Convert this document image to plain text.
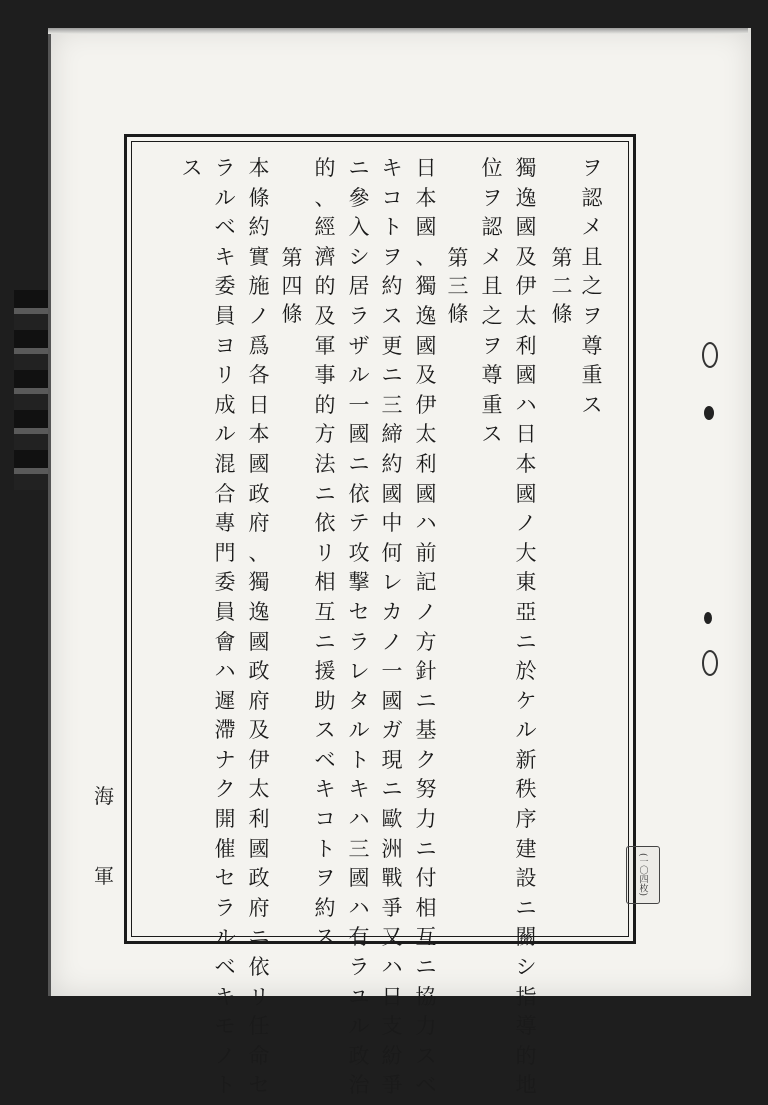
ヲ
認
メ
且
之
ヲ
尊
重
ス
獨
逸
國
及
伊
太
利
國
ハ
日
本
國
ノ
大
東
亞
ニ
於
ケ
ル
新
秩
序
建
設
ニ
關
シ
指
導
的
地
位
ヲ
認
メ
且
之
ヲ
尊
重
ス
日
本
國
、
獨
逸
國
及
伊
太
利
國
ハ
前
記
ノ
方
針
ニ
基
ク
努
力
ニ
付
相
互
ニ
協
力
ス
ベ
キ
コ
ト
ヲ
約
ス
更
ニ
三
締
約
國
中
何
レ
カ
ノ
一
國
ガ
現
ニ
歐
洲
戰
爭
又
ハ
日
支
紛
爭
ニ
參
入
シ
居
ラ
ザ
ル
一
國
ニ
依
テ
攻
撃
セ
ラ
レ
タ
ル
ト
キ
ハ
三
國
ハ
有
ラ
ユ
ル
政
治
的
、
經
濟
的
及
軍
事
的
方
法
ニ
依
リ
相
互
ニ
援
助
ス
ベ
キ
コ
ト
ヲ
約
ス
本
條
約
實
施
ノ
爲
各
日
本
國
政
府
、
獨
逸
國
政
府
及
伊
太
利
國
政
府
ニ
依
リ
任
命
セ
ラ
ル
ベ
キ
委
員
ヨ
リ
成
ル
混
合
專
門
委
員
會
ハ
遲
滯
ナ
ク
開
催
セ
ラ
ル
ベ
キ
モ
ノ
ト
ス
第
二
條
第
三
條
第
四
條
海
軍	(一〇四枚)
